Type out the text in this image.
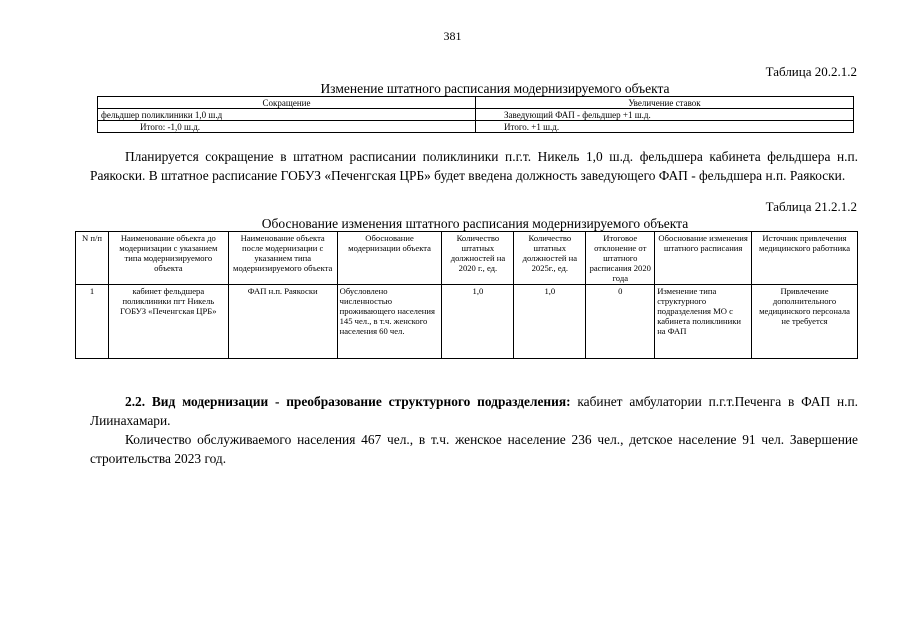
381
Таблица 20.2.1.2
Изменение штатного расписания модернизируемого объекта
Сокращение	Увеличение ставок
фельдшер поликлиники 1,0 ш.д	Заведующий ФАП - фельдшер +1 ш.д.
Итого: -1,0 ш.д.	Итого. +1 ш.д.

Планируется сокращение в штатном расписании поликлиники п.г.т. Никель 1,0 ш.д. фельдшера кабинета фельдшера н.п. Раякоски. В штатное расписание ГОБУЗ «Печенгская ЦРБ» будет введена должность заведующего ФАП - фельдшера н.п. Раякоски.

Таблица 21.2.1.2
Обоснование изменения штатного расписания модернизируемого объекта
N п/п	Наименование объекта до модернизации с указанием типа модернизируемого объекта	Наименование объекта после модернизации с указанием типа модернизируемого объекта	Обоснование модернизации объекта	Количество штатных должностей на 2020 г., ед.	Количество штатных должностей на 2025г., ед.	Итоговое отклонение от штатного расписания 2020 года	Обоснование изменения штатного расписания	Источник привлечения медицинского работника
1	кабинет фельдшера поликлиники пгт Никель ГОБУЗ «Печенгская ЦРБ»	ФАП н.п. Раякоски	Обусловлено численностью проживающего населения 145 чел., в т.ч. женского населения 60 чел.	1,0	1,0	0	Изменение типа структурного подразделения МО с кабинета поликлиники на ФАП	Привлечение дополнительного медицинского персонала не требуется

2.2. Вид модернизации - преобразование структурного подразделения: кабинет амбулатории п.г.т.Печенга в ФАП н.п. Лиинахамари.

Количество обслуживаемого населения 467 чел., в т.ч. женское население 236 чел., детское население 91 чел. Завершение строительства 2023 год.
